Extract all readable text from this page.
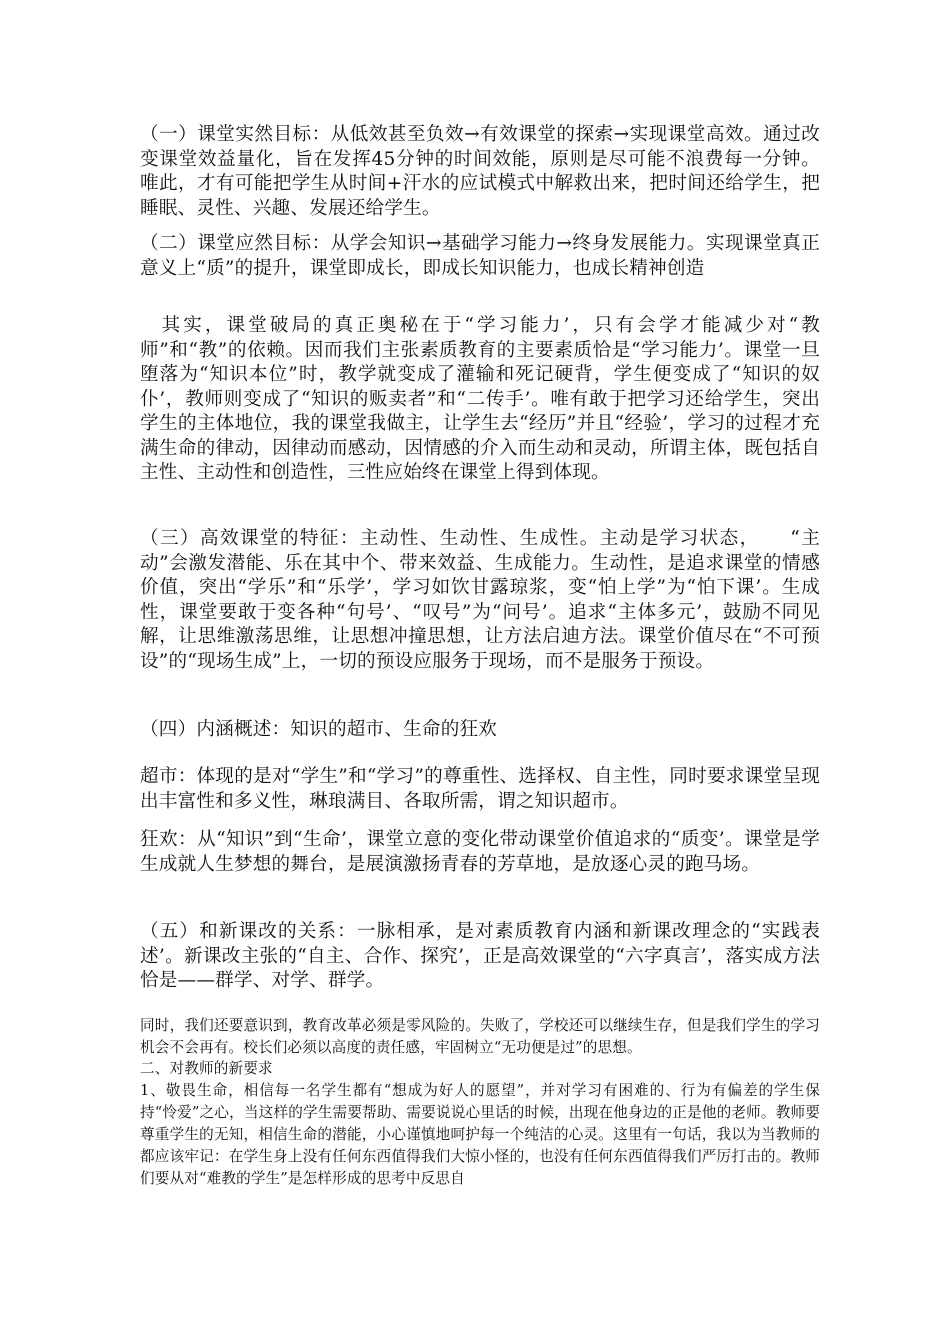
（一）课堂实然目标：从低效甚至负效→有效课堂的探索→实现课堂高效。通过改变课堂效益量化，旨在发挥45分钟的时间效能，原则是尽可能不浪费每一分钟。唯此，才有可能把学生从时间+汗水的应试模式中解救出来，把时间还给学生，把睡眠、灵性、兴趣、发展还给学生。

（二）课堂应然目标：从学会知识→基础学习能力→终身发展能力。实现课堂真正意义上“质”的提升，课堂即成长，即成长知识能力，也成长精神创造

　其实，课堂破局的真正奥秘在于“学习能力’，只有会学才能减少对“教师”和“教”的依赖。因而我们主张素质教育的主要素质恰是“学习能力’。课堂一旦堕落为“知识本位”时，教学就变成了灌输和死记硬背，学生便变成了“知识的奴仆’，教师则变成了“知识的贩卖者”和“二传手’。唯有敢于把学习还给学生，突出学生的主体地位，我的课堂我做主，让学生去“经历”并且“经验’，学习的过程才充满生命的律动，因律动而感动，因情感的介入而生动和灵动，所谓主体，既包括自主性、主动性和创造性，三性应始终在课堂上得到体现。

（三）高效课堂的特征：主动性、生动性、生成性。主动是学习状态，　　“主动”会激发潜能、乐在其中个、带来效益、生成能力。生动性，是追求课堂的情感价值，突出“学乐”和“乐学’，学习如饮甘露琼浆，变“怕上学”为“怕下课’。生成性，课堂要敢于变各种“句号’、“叹号”为“问号’。追求“主体多元’，鼓励不同见解，让思维激荡思维，让思想冲撞思想，让方法启迪方法。课堂价值尽在“不可预设”的“现场生成”上，一切的预设应服务于现场，而不是服务于预设。

（四）内涵概述：知识的超市、生命的狂欢

超市：体现的是对“学生”和“学习”的尊重性、选择权、自主性，同时要求课堂呈现出丰富性和多义性，琳琅满目、各取所需，谓之知识超市。

狂欢：从“知识”到“生命’，课堂立意的变化带动课堂价值追求的“质变’。课堂是学生成就人生梦想的舞台，是展演激扬青春的芳草地，是放逐心灵的跑马场。

（五）和新课改的关系：一脉相承，是对素质教育内涵和新课改理念的“实践表述’。新课改主张的“自主、合作、探究’，正是高效课堂的“六字真言’，落实成方法恰是——群学、对学、群学。

同时，我们还要意识到，教育改革必须是零风险的。失败了，学校还可以继续生存，但是我们学生的学习机会不会再有。校长们必须以高度的责任感，牢固树立“无功便是过”的思想。

二、对教师的新要求

1、敬畏生命，相信每一名学生都有“想成为好人的愿望”，并对学习有困难的、行为有偏差的学生保持“怜爱”之心，当这样的学生需要帮助、需要说说心里话的时候，出现在他身边的正是他的老师。教师要尊重学生的无知，相信生命的潜能，小心谨慎地呵护每一个纯洁的心灵。这里有一句话，我以为当教师的都应该牢记：在学生身上没有任何东西值得我们大惊小怪的，也没有任何东西值得我们严厉打击的。教师们要从对“难教的学生”是怎样形成的思考中反思自
